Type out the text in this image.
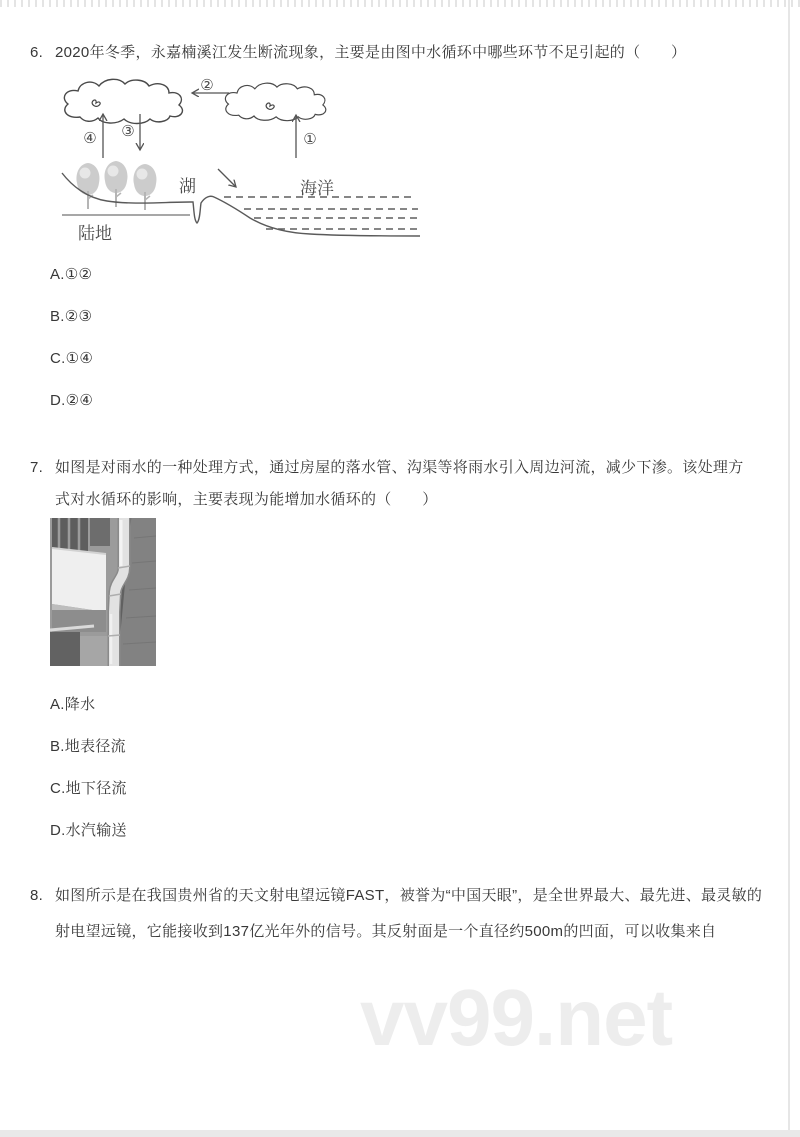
6. 2020年冬季，永嘉楠溪江发生断流现象，主要是由图中水循环中哪些环节不足引起的（　　）
②
④ ③	①
湖	海洋
陆地
A.①②
B.②③
C.①④
D.②④
7. 如图是对雨水的一种处理方式，通过房屋的落水管、沟渠等将雨水引入周边河流，减少下渗。该处理方式对水循环的影响，主要表现为能增加水循环的（　　）
A.降水
B.地表径流
C.地下径流
D.水汽输送
8. 如图所示是在我国贵州省的天文射电望远镜FAST，被誉为“中国天眼”，是全世界最大、最先进、最灵敏的射电望远镜，它能接收到137亿光年外的信号。其反射面是一个直径约500m的凹面，可以收集来自
vv99.net
